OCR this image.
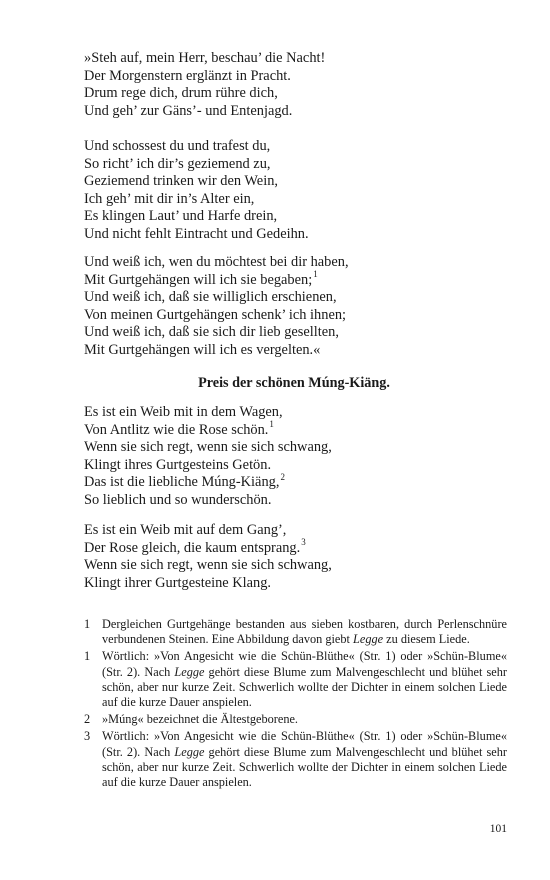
»Steh auf, mein Herr, beschau’ die Nacht!
Der Morgenstern erglänzt in Pracht.
Drum rege dich, drum rühre dich,
Und geh’ zur Gäns’- und Entenjagd.
Und schossest du und trafest du,
So richt’ ich dir’s geziemend zu,
Geziemend trinken wir den Wein,
Ich geh’ mit dir in’s Alter ein,
Es klingen Laut’ und Harfe drein,
Und nicht fehlt Eintracht und Gedeihn.
Und weiß ich, wen du möchtest bei dir haben,
Mit Gurtgehängen will ich sie begaben;$^1$
Und weiß ich, daß sie williglich erschienen,
Von meinen Gurtgehängen schenk’ ich ihnen;
Und weiß ich, daß sie sich dir lieb gesellten,
Mit Gurtgehängen will ich es vergelten.«
Preis der schönen Múng-Kiäng.
Es ist ein Weib mit in dem Wagen,
Von Antlitz wie die Rose schön.$^1$
Wenn sie sich regt, wenn sie sich schwang,
Klingt ihres Gurtgesteins Getön.
Das ist die liebliche Múng-Kiäng,$^2$
So lieblich und so wunderschön.
Es ist ein Weib mit auf dem Gang’,
Der Rose gleich, die kaum entsprang.$^3$
Wenn sie sich regt, wenn sie sich schwang,
Klingt ihrer Gurtgesteine Klang.
1 Dergleichen Gurtgehänge bestanden aus sieben kostbaren, durch Perlenschnüre verbundenen Steinen. Eine Abbildung davon giebt Legge zu diesem Liede.
1 Wörtlich: »Von Angesicht wie die Schün-Blüthe« (Str. 1) oder »Schün-Blume« (Str. 2). Nach Legge gehört diese Blume zum Malvengeschlecht und blühet sehr schön, aber nur kurze Zeit. Schwerlich wollte der Dichter in einem solchen Liede auf die kurze Dauer anspielen.
2 »Múng« bezeichnet die Ältestgeborene.
3 Wörtlich: »Von Angesicht wie die Schün-Blüthe« (Str. 1) oder »Schün-Blume« (Str. 2). Nach Legge gehört diese Blume zum Malvengeschlecht und blühet sehr schön, aber nur kurze Zeit. Schwerlich wollte der Dichter in einem solchen Liede auf die kurze Dauer anspielen.
101
